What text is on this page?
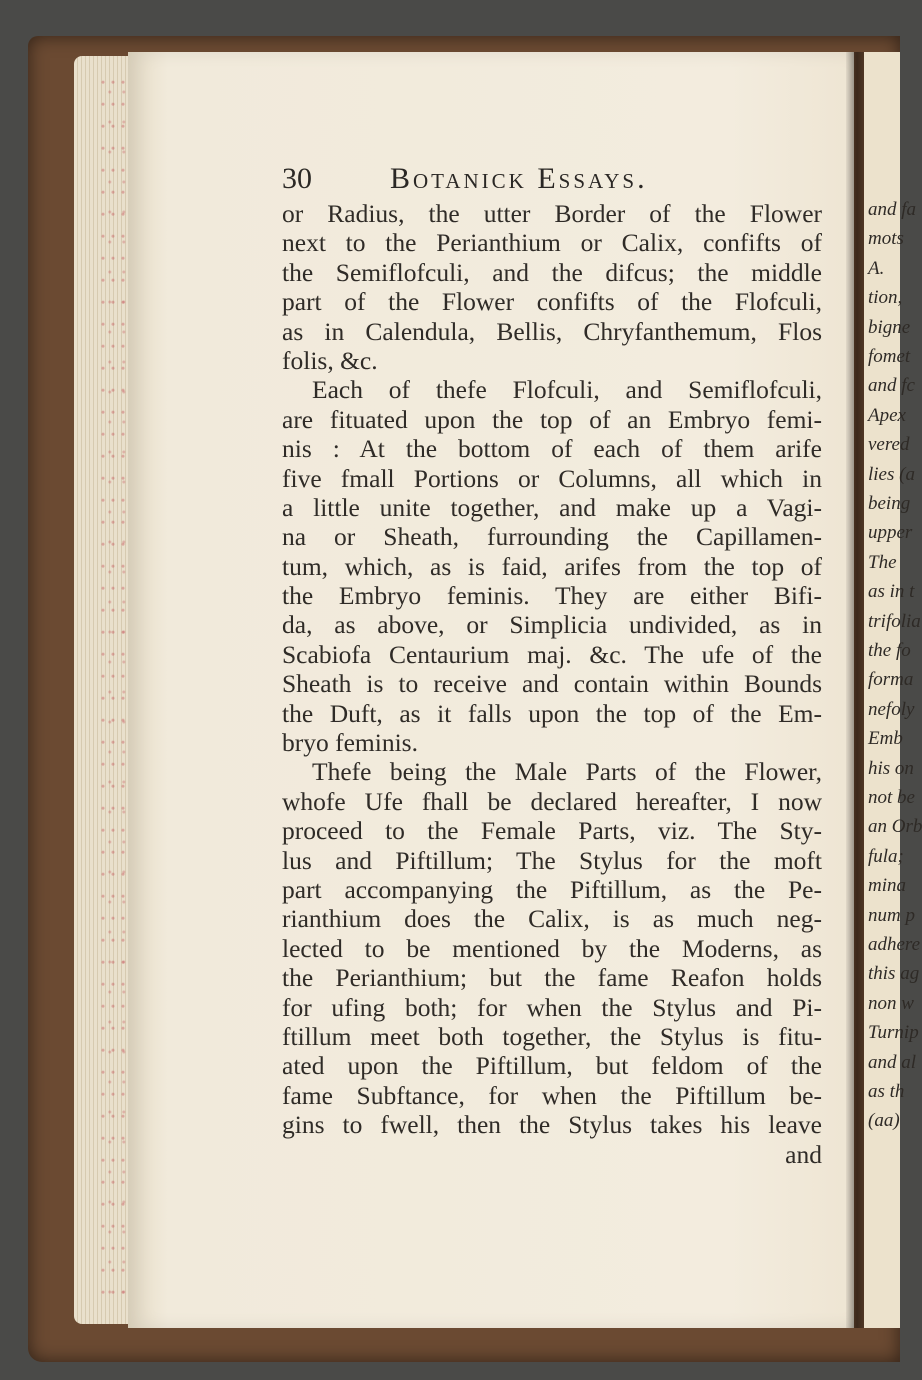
and fa
mots
A.
tion,
bigne
fomet
and fc
Apex
vered
lies (a
being
upper
The
as in t
trifolia
the fo
forma
nefoly
Emb
his on
not be
an Orb
fula;
mina
num p
adhere
this ag
non w
Turnip
and al
as th
(aa)
30	Botanick Essays.
or Radius, the utter Border of the Flower
next to the Perianthium or Calix, confifts of
the Semiflofculi, and the difcus; the middle
part of the Flower confifts of the Flofculi,
as in Calendula, Bellis, Chryfanthemum, Flos
folis, &c.
Each of thefe Flofculi, and Semiflofculi,
are fituated upon the top of an Embryo femi-
nis : At the bottom of each of them arife
five fmall Portions or Columns, all which in
a little unite together, and make up a Vagi-
na or Sheath, furrounding the Capillamen-
tum, which, as is faid, arifes from the top of
the Embryo feminis. They are either Bifi-
da, as above, or Simplicia undivided, as in
Scabiofa Centaurium maj. &c. The ufe of the
Sheath is to receive and contain within Bounds
the Duft, as it falls upon the top of the Em-
bryo feminis.
Thefe being the Male Parts of the Flower,
whofe Ufe fhall be declared hereafter, I now
proceed to the Female Parts, viz. The Sty-
lus and Piftillum; The Stylus for the moft
part accompanying the Piftillum, as the Pe-
rianthium does the Calix, is as much neg-
lected to be mentioned by the Moderns, as
the Perianthium; but the fame Reafon holds
for ufing both; for when the Stylus and Pi-
ftillum meet both together, the Stylus is fitu-
ated upon the Piftillum, but feldom of the
fame Subftance, for when the Piftillum be-
gins to fwell, then the Stylus takes his leave
and
